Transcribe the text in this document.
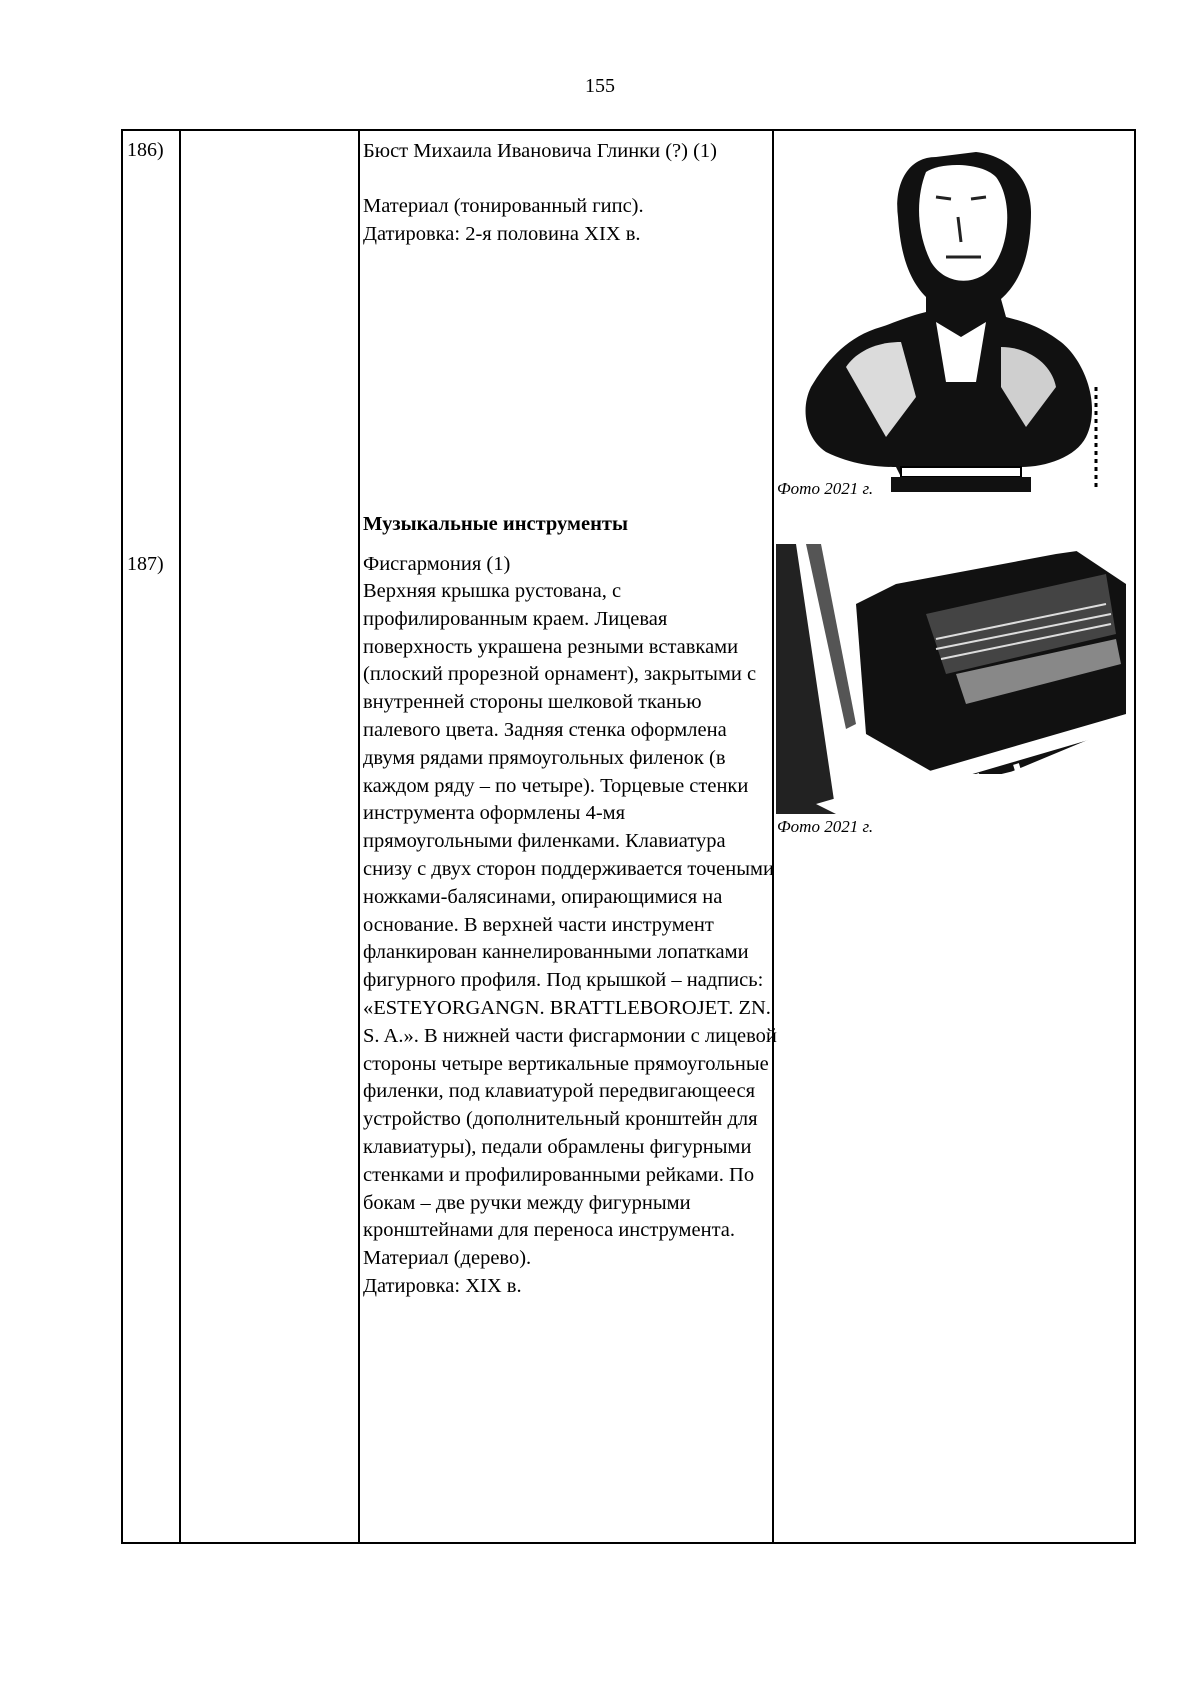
155
186)	Бюст Михаила Ивановича Глинки (?) (1)
Материал (тонированный гипс).
Датировка: 2-я половина XIX в.
Фото 2021 г.
Музыкальные инструменты
187)	Фисгармония (1)
Верхняя крышка рустована, с профилированным краем. Лицевая поверхность украшена резными вставками (плоский прорезной орнамент), закрытыми с внутренней стороны шелковой тканью палевого цвета. Задняя стенка оформлена двумя рядами прямоугольных филенок (в каждом ряду – по четыре). Торцевые стенки инструмента оформлены 4-мя прямоугольными филенками. Клавиатура снизу с двух сторон поддерживается точеными ножками-балясинами, опирающимися на основание. В верхней части инструмент фланкирован каннелированными лопатками фигурного профиля. Под крышкой – надпись: «ESTEYORGANGN. BRATTLEBOROJET. ZN. S. A.». В нижней части фисгармонии с лицевой стороны четыре вертикальные прямоугольные филенки, под клавиатурой передвигающееся устройство (дополнительный кронштейн для клавиатуры), педали обрамлены фигурными стенками и профилированными рейками. По бокам – две ручки между фигурными кронштейнами для переноса инструмента.
Материал (дерево).
Датировка: XIX в.
Фото 2021 г.
